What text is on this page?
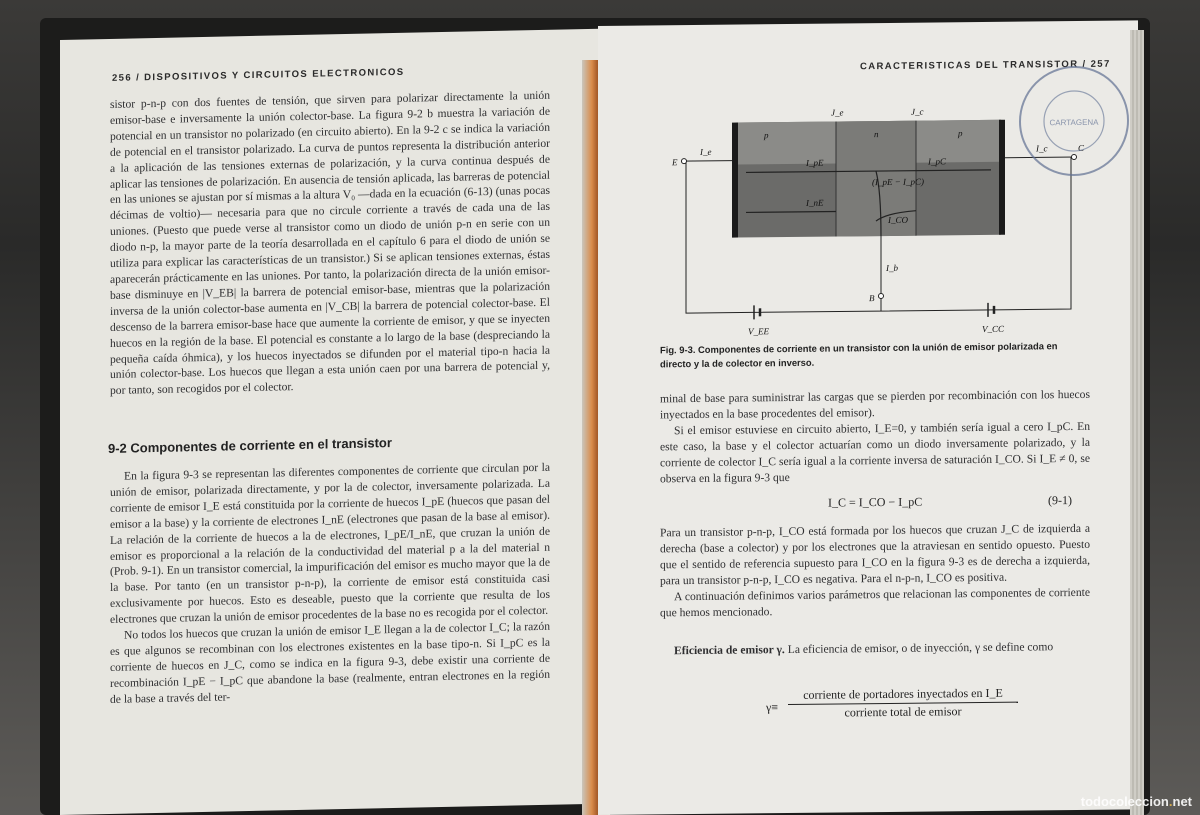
256 / DISPOSITIVOS Y CIRCUITOS ELECTRONICOS

sistor p-n-p con dos fuentes de tensión, que sirven para polarizar directamente la unión emisor-base e inversamente la unión colector-base. La figura 9-2 b muestra la variación de potencial en un transistor no polarizado (en circuito abierto). En la 9-2 c se indica la variación de potencial en el transistor polarizado. La curva de puntos representa la distribución anterior a la aplicación de las tensiones externas de polarización, y la curva continua después de aplicar las tensiones de polarización. En ausencia de tensión aplicada, las barreras de potencial en las uniones se ajustan por sí mismas a la altura V₀ —dada en la ecuación (6-13) (unas pocas décimas de voltio)— necesaria para que no circule corriente a través de cada una de las uniones. (Puesto que puede verse al transistor como un diodo de unión p-n en serie con un diodo n-p, la mayor parte de la teoría desarrollada en el capítulo 6 para el diodo de unión se utiliza para explicar las características de un transistor.) Si se aplican tensiones externas, éstas aparecerán prácticamente en las uniones. Por tanto, la polarización directa de la unión emisor-base disminuye en |V_EB| la barrera de potencial emisor-base, mientras que la polarización inversa de la unión colector-base aumenta en |V_CB| la barrera de potencial colector-base. El descenso de la barrera emisor-base hace que aumente la corriente de emisor, y que se inyecten huecos en la región de la base. El potencial es constante a lo largo de la base (despreciando la pequeña caída óhmica), y los huecos inyectados se difunden por el material tipo-n hacia la unión colector-base. Los huecos que llegan a esta unión caen por una barrera de potencial y, por tanto, son recogidos por el colector.

9-2 Componentes de corriente en el transistor

En la figura 9-3 se representan las diferentes componentes de corriente que circulan por la unión de emisor, polarizada directamente, y por la de colector, inversamente polarizada. La corriente de emisor I_E está constituida por la corriente de huecos I_pE (huecos que pasan del emisor a la base) y la corriente de electrones I_nE (electrones que pasan de la base al emisor). La relación de la corriente de huecos a la de electrones, I_pE/I_nE, que cruzan la unión de emisor es proporcional a la relación de la conductividad del material p a la del material n (Prob. 9-1). En un transistor comercial, la impurificación del emisor es mucho mayor que la de la base. Por tanto (en un transistor p-n-p), la corriente de emisor está constituida casi exclusivamente por huecos. Esto es deseable, puesto que la corriente que resulta de los electrones que cruzan la unión de emisor procedentes de la base no es recogida por el colector.

No todos los huecos que cruzan la unión de emisor I_E llegan a la de colector I_C; la razón es que algunos se recombinan con los electrones existentes en la base tipo-n. Si I_pC es la corriente de huecos en J_C, como se indica en la figura 9-3, debe existir una corriente de recombinación I_pE − I_pC que abandone la base (realmente, entran electrones en la región de la base a través del ter-

CARACTERISTICAS DEL TRANSISTOR / 257
J_e	J_c
p	n	p
I_e
I_pE	I_pC
I_nE
I_CO
(I_pE − I_pC)
I_c
I_b
E
C
B
V_EE	V_CC
CARTAGENA
Fig. 9-3. Componentes de corriente en un transistor con la unión de emisor polarizada en directo y la de colector en inverso.

minal de base para suministrar las cargas que se pierden por recombinación con los huecos inyectados en la base procedentes del emisor).

Si el emisor estuviese en circuito abierto, I_E=0, y también sería igual a cero I_pC. En este caso, la base y el colector actuarían como un diodo inversamente polarizado, y la corriente de colector I_C sería igual a la corriente inversa de saturación I_CO. Si I_E ≠ 0, se observa en la figura 9-3 que

I_C = I_CO − I_pC	(9-1)

Para un transistor p-n-p, I_CO está formada por los huecos que cruzan J_C de izquierda a derecha (base a colector) y por los electrones que la atraviesan en sentido opuesto. Puesto que el sentido de referencia supuesto para I_CO en la figura 9-3 es de derecha a izquierda, para un transistor p-n-p, I_CO es negativa. Para el n-p-n, I_CO es positiva.

A continuación definimos varios parámetros que relacionan las componentes de corriente que hemos mencionado.

Eficiencia de emisor γ. La eficiencia de emisor, o de inyección, γ se define como

γ≡
corriente de portadores inyectados en I_E
corriente total de emisor
todocoleccion.net
